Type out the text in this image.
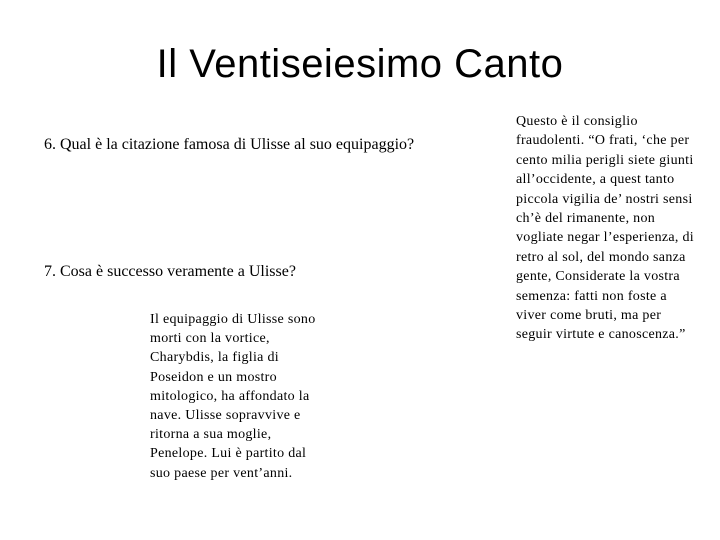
Il Ventiseiesimo Canto

6. Qual è la citazione famosa di Ulisse al suo equipaggio?

7. Cosa è successo veramente a Ulisse?

Il equipaggio di Ulisse sono morti con la vortice, Charybdis, la figlia di Poseidon e un mostro mitologico, ha affondato la nave. Ulisse sopravvive e ritorna a sua moglie, Penelope. Lui è partito dal suo paese per vent’anni.

Questo è il consiglio fraudolenti. “O frati, ‘che per cento milia perigli siete giunti all’occidente, a quest tanto piccola vigilia de’ nostri sensi ch’è del rimanente, non vogliate negar l’esperienza, di retro al sol, del mondo sanza gente, Considerate la vostra semenza: fatti non foste a viver come bruti, ma per seguir virtute e canoscenza.”
